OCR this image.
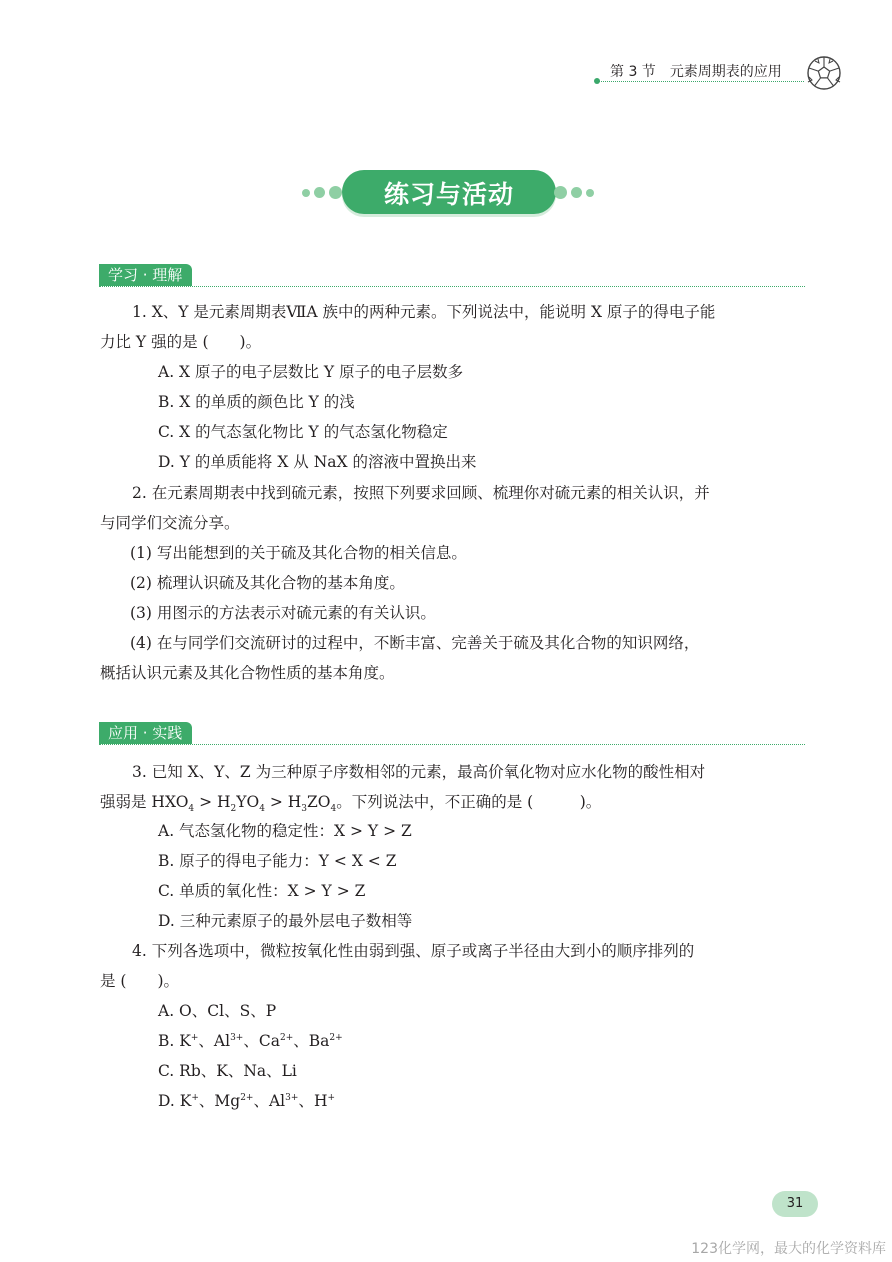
第 3 节 元素周期表的应用
练习与活动
学习 · 理解
1. X、Y 是元素周期表ⅦA 族中的两种元素。下列说法中，能说明 X 原子的得电子能
力比 Y 强的是 (　　)。
A. X 原子的电子层数比 Y 原子的电子层数多
B. X 的单质的颜色比 Y 的浅
C. X 的气态氢化物比 Y 的气态氢化物稳定
D. Y 的单质能将 X 从 NaX 的溶液中置换出来
2. 在元素周期表中找到硫元素，按照下列要求回顾、梳理你对硫元素的相关认识，并
与同学们交流分享。
(1) 写出能想到的关于硫及其化合物的相关信息。
(2) 梳理认识硫及其化合物的基本角度。
(3) 用图示的方法表示对硫元素的有关认识。
(4) 在与同学们交流研讨的过程中，不断丰富、完善关于硫及其化合物的知识网络，
概括认识元素及其化合物性质的基本角度。
应用 · 实践
3. 已知 X、Y、Z 为三种原子序数相邻的元素，最高价氧化物对应水化物的酸性相对
强弱是 $HXO_4 > H_2YO_4 > H_3ZO_4$。下列说法中，不正确的是 (　　　)。
A. 气态氢化物的稳定性：X > Y > Z
B. 原子的得电子能力：Y < X < Z
C. 单质的氧化性：X > Y > Z
D. 三种元素原子的最外层电子数相等
4. 下列各选项中，微粒按氧化性由弱到强、原子或离子半径由大到小的顺序排列的
是 (　　)。
A. O、Cl、S、P
B. K+、$Al^{3+}$、$Ca^{2+}$、$Ba^{2+}$
C. Rb、K、Na、Li
D. K+、$Mg^{2+}$、$Al^{3+}$、H+
31
123化学网，最大的化学资料库
